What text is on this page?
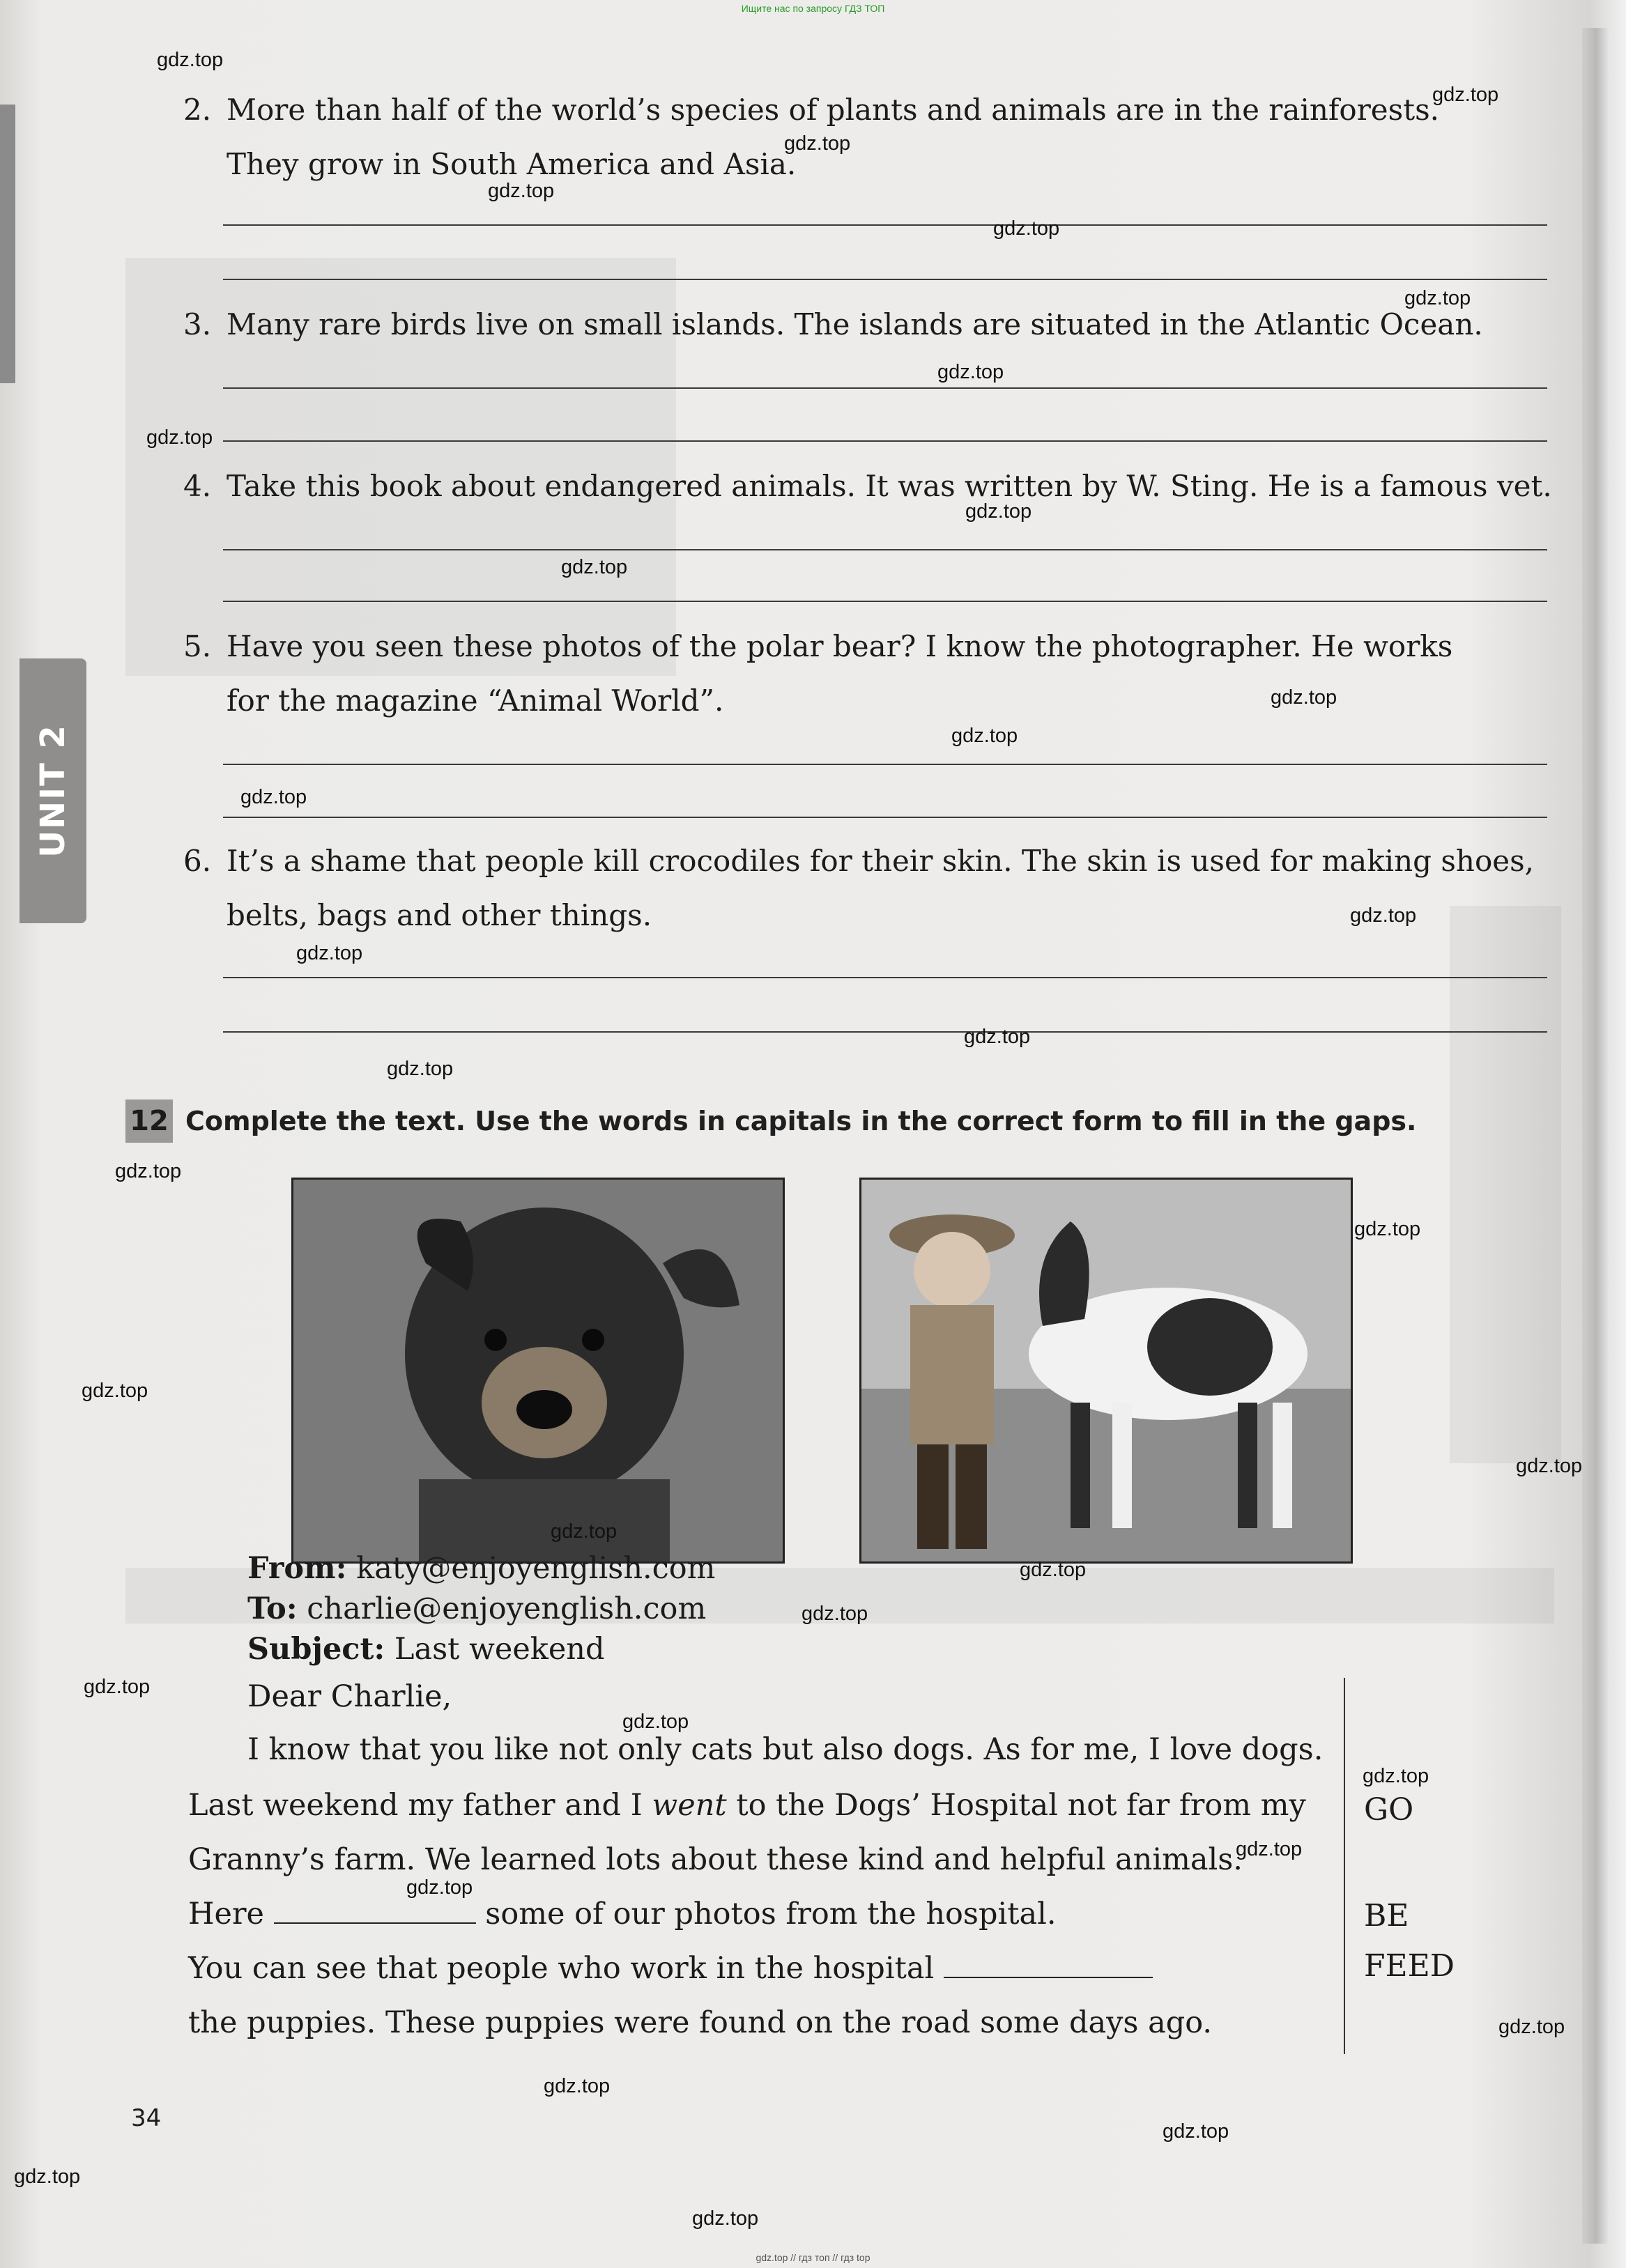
Ищите нас по запросу ГДЗ ТОП
UNIT 2
2. More than half of the world’s species of plants and animals are in the rainforests.
They grow in South America and Asia.
3. Many rare birds live on small islands. The islands are situated in the Atlantic Ocean.
4. Take this book about endangered animals. It was written by W. Sting. He is a famous vet.
5. Have you seen these photos of the polar bear? I know the photographer. He works
for the magazine “Animal World”.
6. It’s a shame that people kill crocodiles for their skin. The skin is used for making shoes,
belts, bags and other things.
12 Complete the text. Use the words in capitals in the correct form to fill in the gaps.
From: katy@enjoyenglish.com
To: charlie@enjoyenglish.com
Subject: Last weekend
Dear Charlie,
I know that you like not only cats but also dogs. As for me, I love dogs.
Last weekend my father and I went to the Dogs’ Hospital not far from my
Granny’s farm. We learned lots about these kind and helpful animals.
Here	some of our photos from the hospital.
You can see that people who work in the hospital
the puppies. These puppies were found on the road some days ago.
GO
BE
FEED
34
gdz.top
gdz.top
gdz.top
gdz.top
gdz.top
gdz.top
gdz.top
gdz.top
gdz.top
gdz.top
gdz.top
gdz.top
gdz.top
gdz.top
gdz.top
gdz.top
gdz.top
gdz.top
gdz.top
gdz.top
gdz.top
gdz.top
gdz.top
gdz.top
gdz.top
gdz.top
gdz.top
gdz.top
gdz.top
gdz.top
gdz.top
gdz.top
gdz.top
gdz.top
gdz.top // гдз топ // гдз top
